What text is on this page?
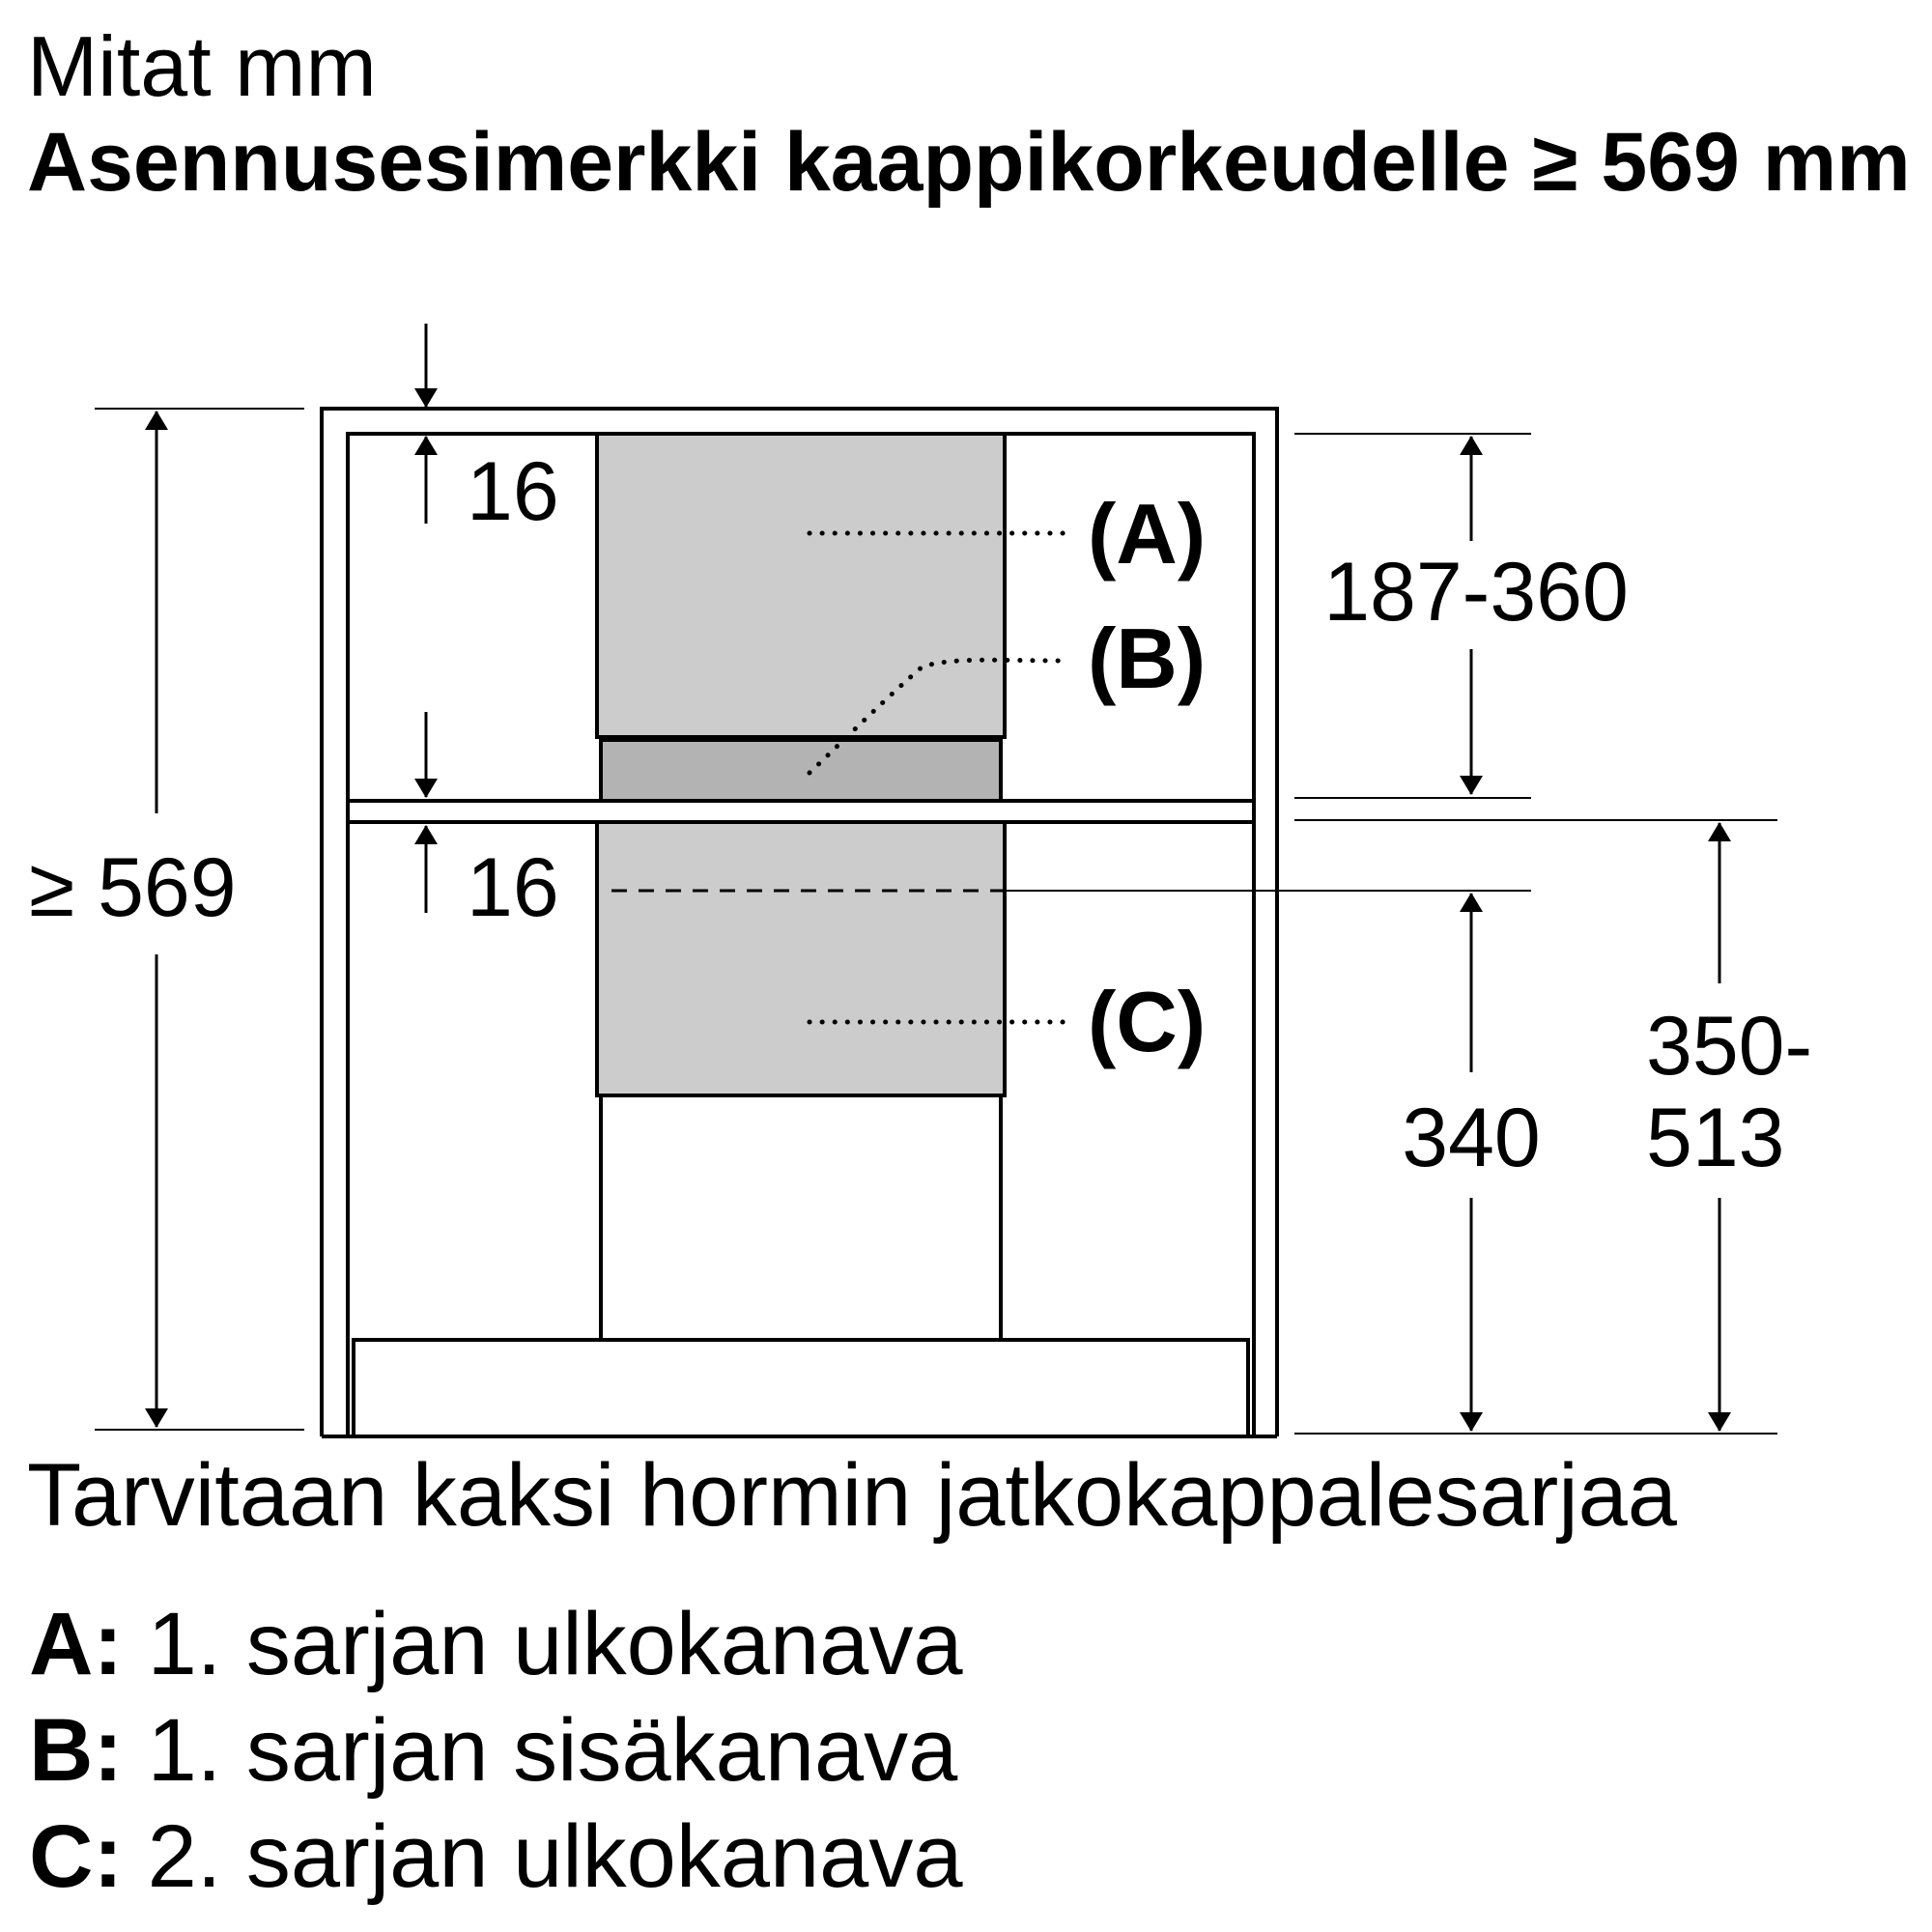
Mitat mm
Asennusesimerkki kaappikorkeudelle ≥ 569 mm
16
16
≥ 569
187-360
340
350-
513
(A)
(B)
(C)
Tarvitaan kaksi hormin jatkokappalesarjaa
A: 1. sarjan ulkokanava
B: 1. sarjan sisäkanava
C: 2. sarjan ulkokanava
